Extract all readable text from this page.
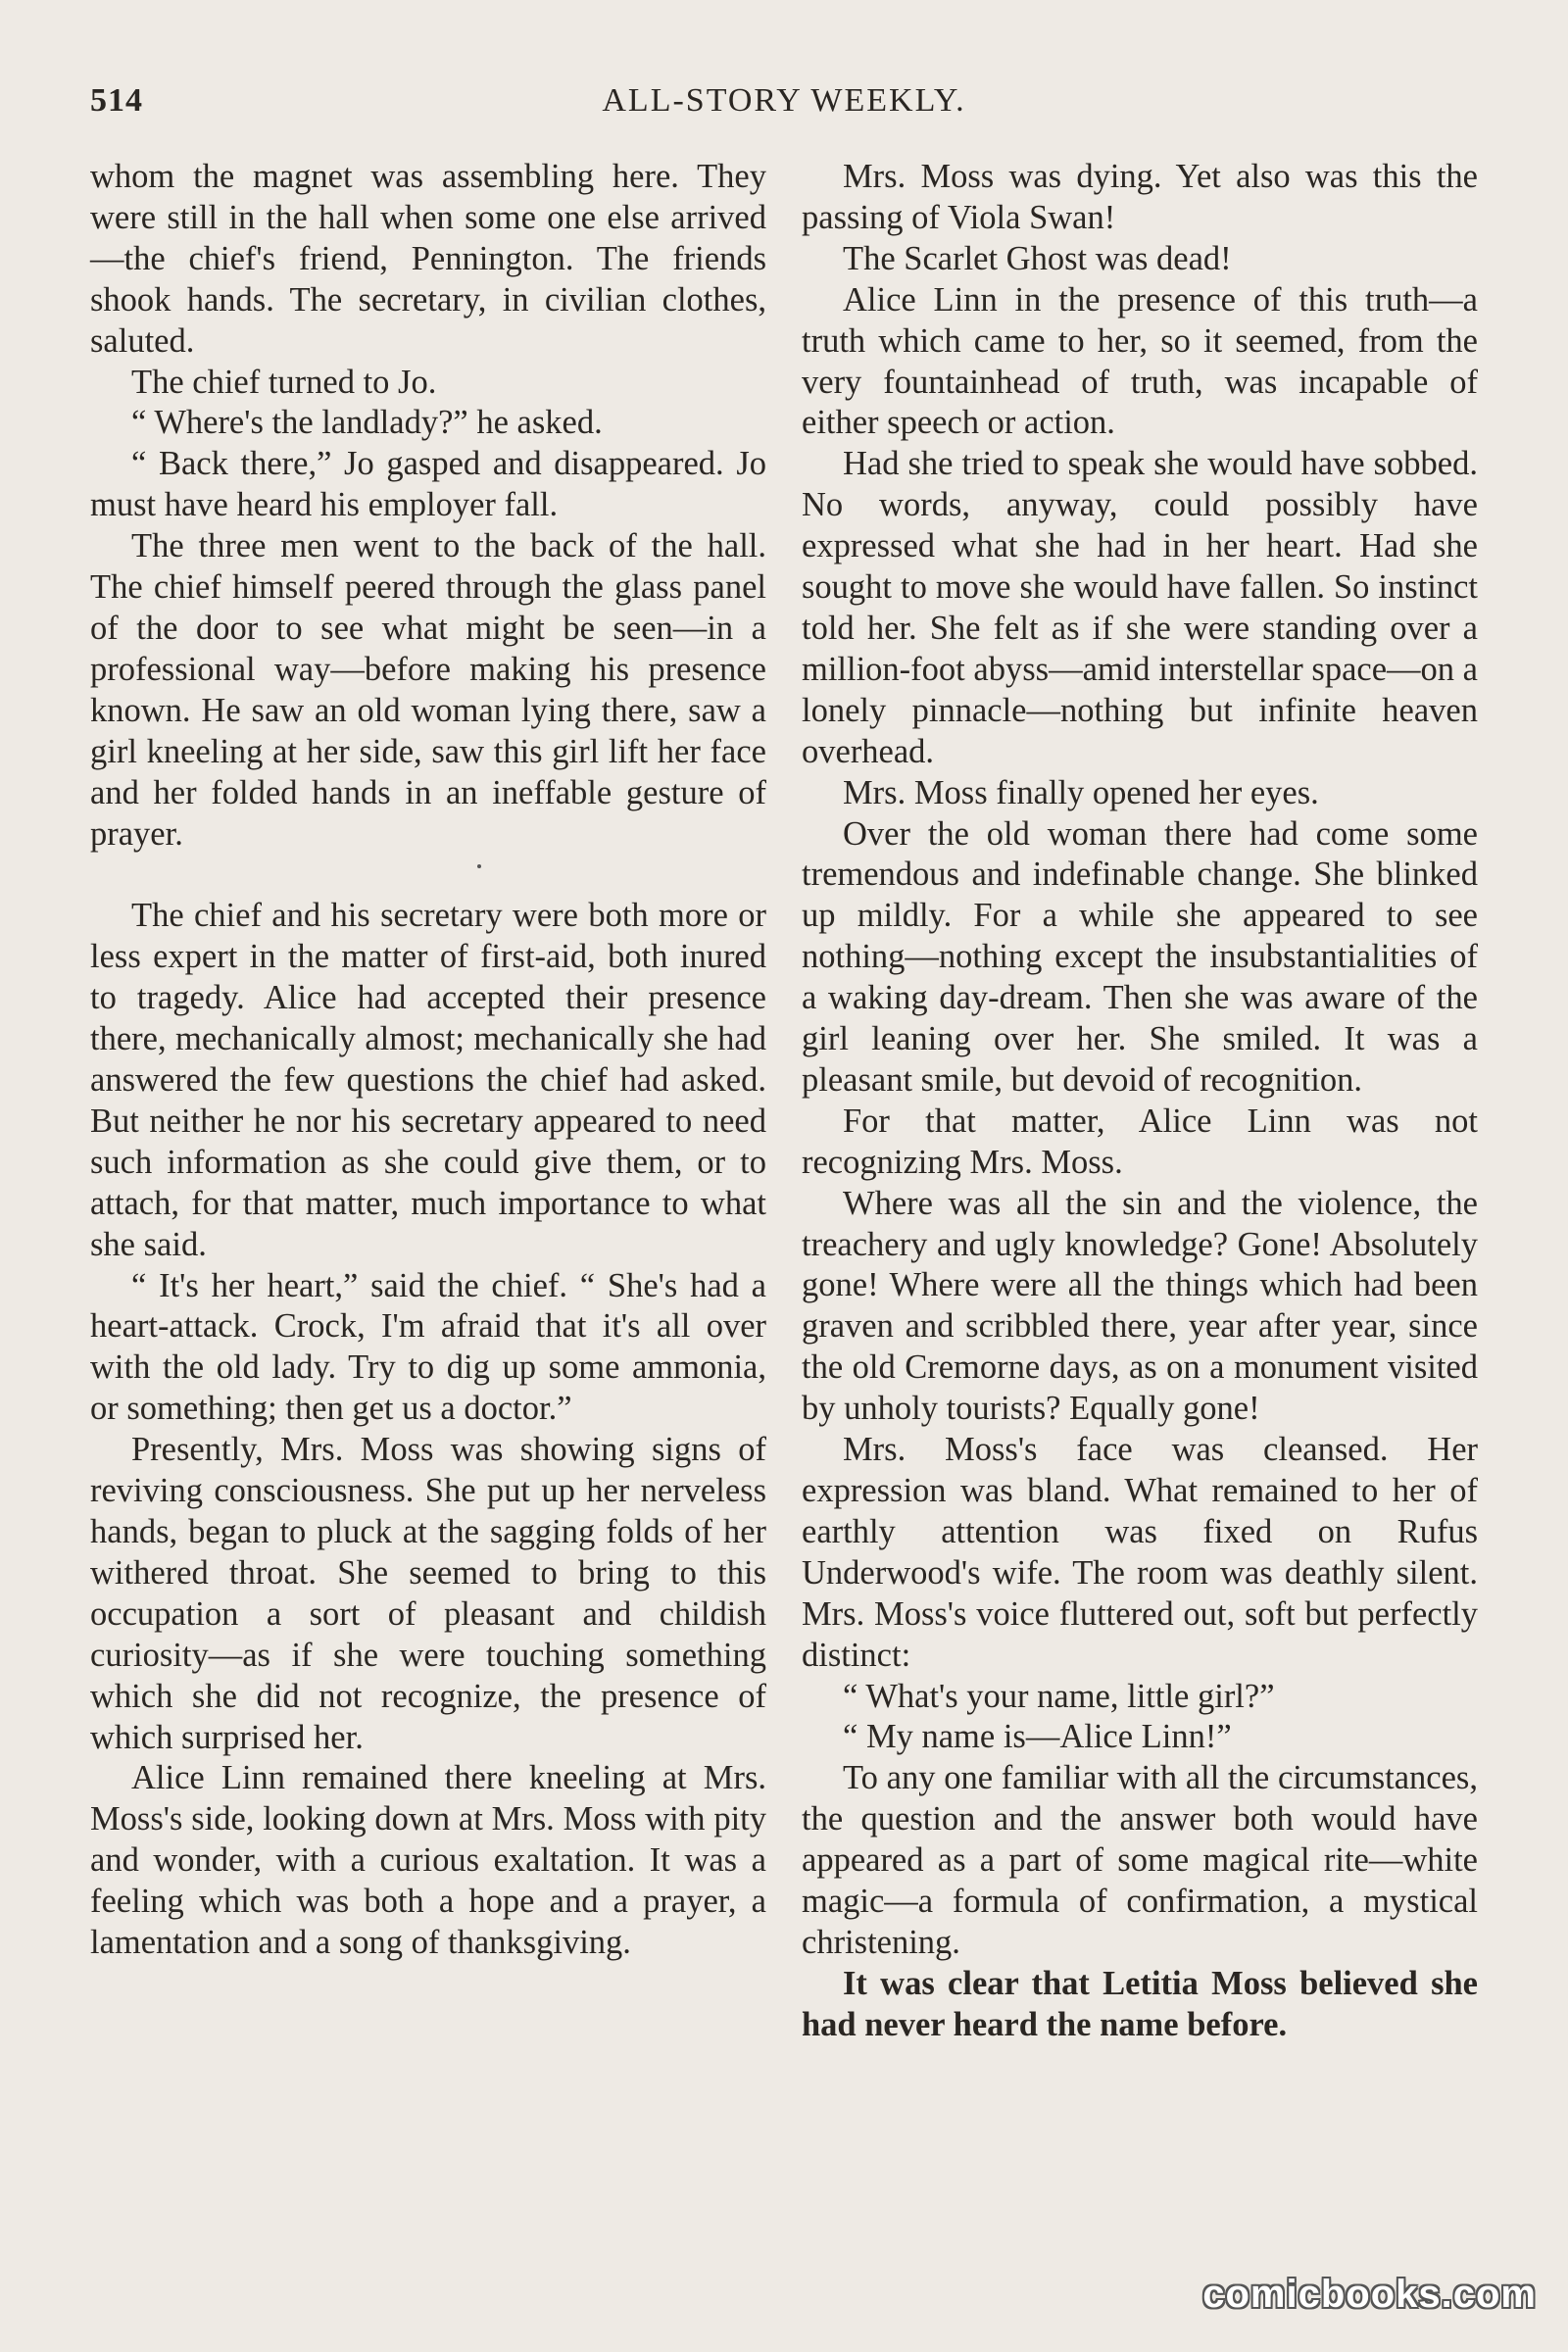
514	ALL-STORY WEEKLY.

whom the magnet was assembling here. They were still in the hall when some one else arrived—the chief's friend, Pennington. The friends shook hands. The secretary, in civilian clothes, saluted.

The chief turned to Jo.

“ Where's the landlady?” he asked.

“ Back there,” Jo gasped and disappeared. Jo must have heard his employer fall.

The three men went to the back of the hall. The chief himself peered through the glass panel of the door to see what might be seen—in a professional way—before making his presence known. He saw an old woman lying there, saw a girl kneeling at her side, saw this girl lift her face and her folded hands in an ineffable gesture of prayer.

The chief and his secretary were both more or less expert in the matter of first-aid, both inured to tragedy. Alice had accepted their presence there, mechanically almost; mechanically she had answered the few questions the chief had asked. But neither he nor his secretary appeared to need such information as she could give them, or to attach, for that matter, much importance to what she said.

“ It's her heart,” said the chief. “ She's had a heart-attack. Crock, I'm afraid that it's all over with the old lady. Try to dig up some ammonia, or something; then get us a doctor.”

Presently, Mrs. Moss was showing signs of reviving consciousness. She put up her nerveless hands, began to pluck at the sagging folds of her withered throat. She seemed to bring to this occupation a sort of pleasant and childish curiosity—as if she were touching something which she did not recognize, the presence of which surprised her.

Alice Linn remained there kneeling at Mrs. Moss's side, looking down at Mrs. Moss with pity and wonder, with a curious exaltation. It was a feeling which was both a hope and a prayer, a lamentation and a song of thanksgiving.

Mrs. Moss was dying. Yet also was this the passing of Viola Swan!

The Scarlet Ghost was dead!

Alice Linn in the presence of this truth—a truth which came to her, so it seemed, from the very fountainhead of truth, was incapable of either speech or action.

Had she tried to speak she would have sobbed. No words, anyway, could possibly have expressed what she had in her heart. Had she sought to move she would have fallen. So instinct told her. She felt as if she were standing over a million-foot abyss—amid interstellar space—on a lonely pinnacle—nothing but infinite heaven overhead.

Mrs. Moss finally opened her eyes.

Over the old woman there had come some tremendous and indefinable change. She blinked up mildly. For a while she appeared to see nothing—nothing except the insubstantialities of a waking day-dream. Then she was aware of the girl leaning over her. She smiled. It was a pleasant smile, but devoid of recognition.

For that matter, Alice Linn was not recognizing Mrs. Moss.

Where was all the sin and the violence, the treachery and ugly knowledge? Gone! Absolutely gone! Where were all the things which had been graven and scribbled there, year after year, since the old Cremorne days, as on a monument visited by unholy tourists? Equally gone!

Mrs. Moss's face was cleansed. Her expression was bland. What remained to her of earthly attention was fixed on Rufus Underwood's wife. The room was deathly silent. Mrs. Moss's voice fluttered out, soft but perfectly distinct:

“ What's your name, little girl?”

“ My name is—Alice Linn!”

To any one familiar with all the circumstances, the question and the answer both would have appeared as a part of some magical rite—white magic—a formula of confirmation, a mystical christening.

It was clear that Letitia Moss believed she had never heard the name before.

comicbooks.com
